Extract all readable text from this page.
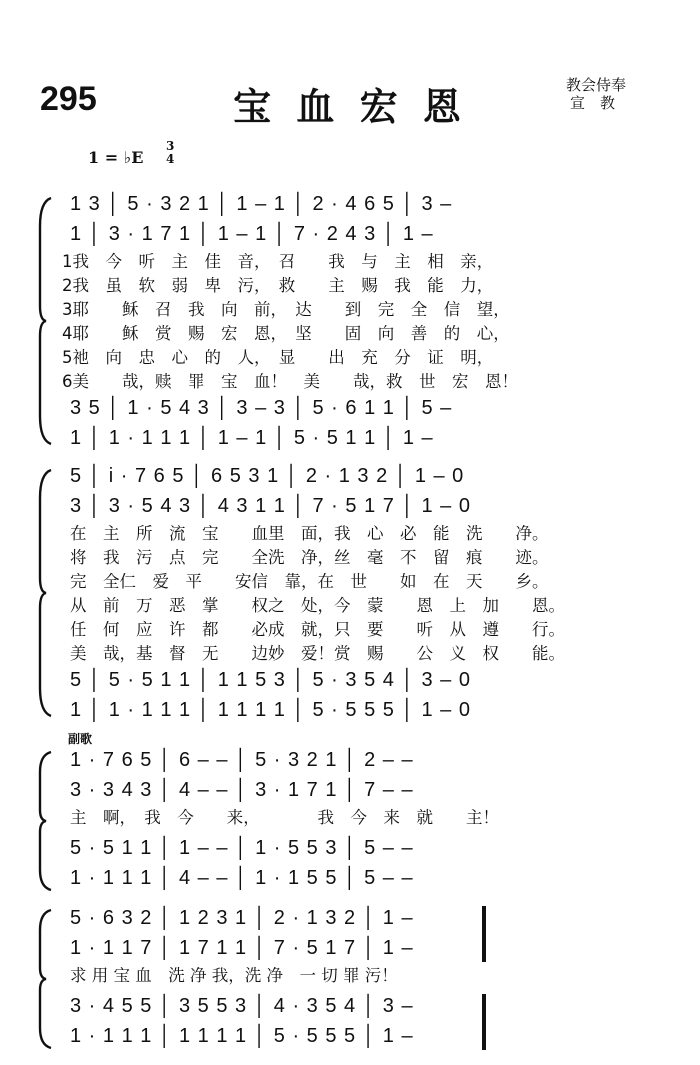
295	宝 血 宏 恩	教会侍奉
宣　教
1 = ♭E
3
4
1 3 │ 5 · 3 2 1 │ 1 – 1 │ 2 · 4 6 5 │ 3 –
1 │ 3 · 1 7 1 │ 1 – 1 │ 7 · 2 4 3 │ 1 –
1我　今　听　主　佳　音，　召　　我　与　主　相　亲，
2我　虽　软　弱　卑　污，　救　　主　赐　我　能　力，
3耶　　稣　召　我　向　前，　达　　到　完　全　信　望，
4耶　　稣　赏　赐　宏　恩，　坚　　固　向　善　的　心，
5祂　向　忠　心　的　人，　显　　出　充　分　证　明，
6美　　哉，赎　罪　宝　血！　美　　哉，救　世　宏　恩！
3 5 │ 1 · 5 4 3 │ 3 – 3 │ 5 · 6 1 1 │ 5 –
1 │ 1 · 1 1 1 │ 1 – 1 │ 5 · 5 1 1 │ 1 –
5 │ i · 7 6 5 │ 6 5 3 1 │ 2 · 1 3 2 │ 1 – 0
3 │ 3 · 5 4 3 │ 4 3 1 1 │ 7 · 5 1 7 │ 1 – 0
在　主　所　流　宝　　血里　面，我　心　必　能　洗　　净。
将　我　污　点　完　　全洗　净，丝　毫　不　留　痕　　迹。
完　全仁　爱　平　　安信　靠，在　世　　如　在　天　　乡。
从　前　万　恶　掌　　权之　处，今　蒙　　恩　上　加　　恩。
任　何　应　许　都　　必成　就，只　要　　听　从　遵　　行。
美　哉，基　督　无　　边妙　爱！赏　赐　　公　义　权　　能。
5 │ 5 · 5 1 1 │ 1 1 5 3 │ 5 · 3 5 4 │ 3 – 0
1 │ 1 · 1 1 1 │ 1 1 1 1 │ 5 · 5 5 5 │ 1 – 0
副歌
1 · 7 6 5 │ 6 – – │ 5 · 3 2 1 │ 2 – –
3 · 3 4 3 │ 4 – – │ 3 · 1 7 1 │ 7 – –
主　啊，　我　今　　来，　　　　我　今　来　就　　主！
5 · 5 1 1 │ 1 – – │ 1 · 5 5 3 │ 5 – –
1 · 1 1 1 │ 4 – – │ 1 · 1 5 5 │ 5 – –
5 · 6 3 2 │ 1 2 3 1 │ 2 · 1 3 2 │ 1 –
1 · 1 1 7 │ 1 7 1 1 │ 7 · 5 1 7 │ 1 –
求 用 宝 血　洗 净 我，洗 净　一 切 罪 污！
3 · 4 5 5 │ 3 5 5 3 │ 4 · 3 5 4 │ 3 –
1 · 1 1 1 │ 1 1 1 1 │ 5 · 5 5 5 │ 1 –
